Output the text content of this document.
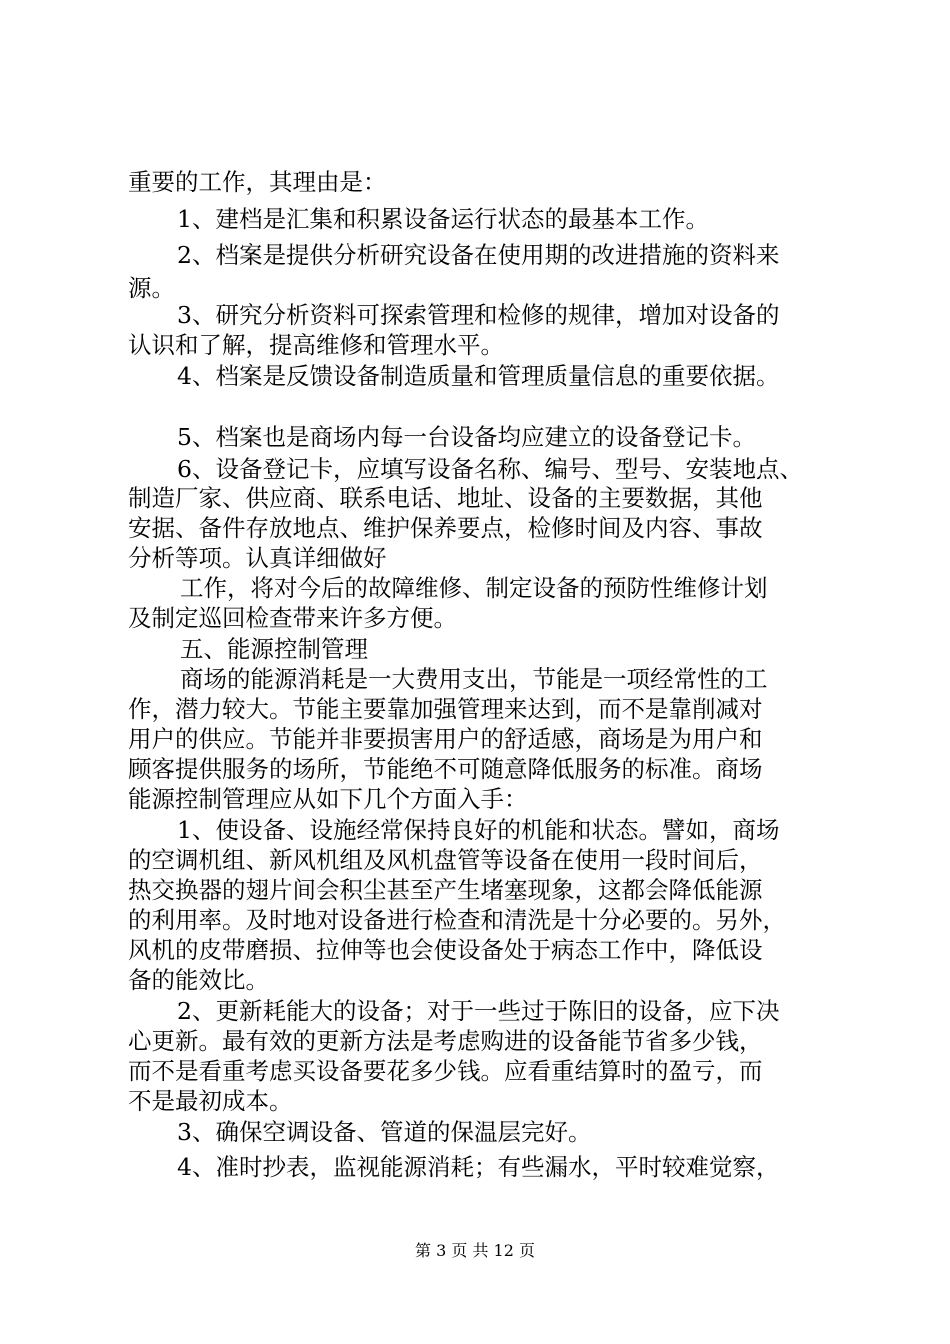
重要的工作，其理由是：
1、建档是汇集和积累设备运行状态的最基本工作。
2、档案是提供分析研究设备在使用期的改进措施的资料来
源。
3、研究分析资料可探索管理和检修的规律，增加对设备的
认识和了解，提高维修和管理水平。
4、档案是反馈设备制造质量和管理质量信息的重要依据。
5、档案也是商场内每一台设备均应建立的设备登记卡。
6、设备登记卡，应填写设备名称、编号、型号、安装地点、
制造厂家、供应商、联系电话、地址、设备的主要数据，其他
安据、备件存放地点、维护保养要点，检修时间及内容、事故
分析等项。认真详细做好
工作，将对今后的故障维修、制定设备的预防性维修计划
及制定巡回检查带来许多方便。
五、能源控制管理
商场的能源消耗是一大费用支出，节能是一项经常性的工
作，潜力较大。节能主要靠加强管理来达到，而不是靠削减对
用户的供应。节能并非要损害用户的舒适感，商场是为用户和
顾客提供服务的场所，节能绝不可随意降低服务的标准。商场
能源控制管理应从如下几个方面入手：
1、使设备、设施经常保持良好的机能和状态。譬如，商场
的空调机组、新风机组及风机盘管等设备在使用一段时间后，
热交换器的翅片间会积尘甚至产生堵塞现象，这都会降低能源
的利用率。及时地对设备进行检查和清洗是十分必要的。另外，
风机的皮带磨损、拉伸等也会使设备处于病态工作中，降低设
备的能效比。
2、更新耗能大的设备；对于一些过于陈旧的设备，应下决
心更新。最有效的更新方法是考虑购进的设备能节省多少钱，
而不是看重考虑买设备要花多少钱。应看重结算时的盈亏，而
不是最初成本。
3、确保空调设备、管道的保温层完好。
4、准时抄表，监视能源消耗；有些漏水，平时较难觉察，
第 3 页 共 12 页
